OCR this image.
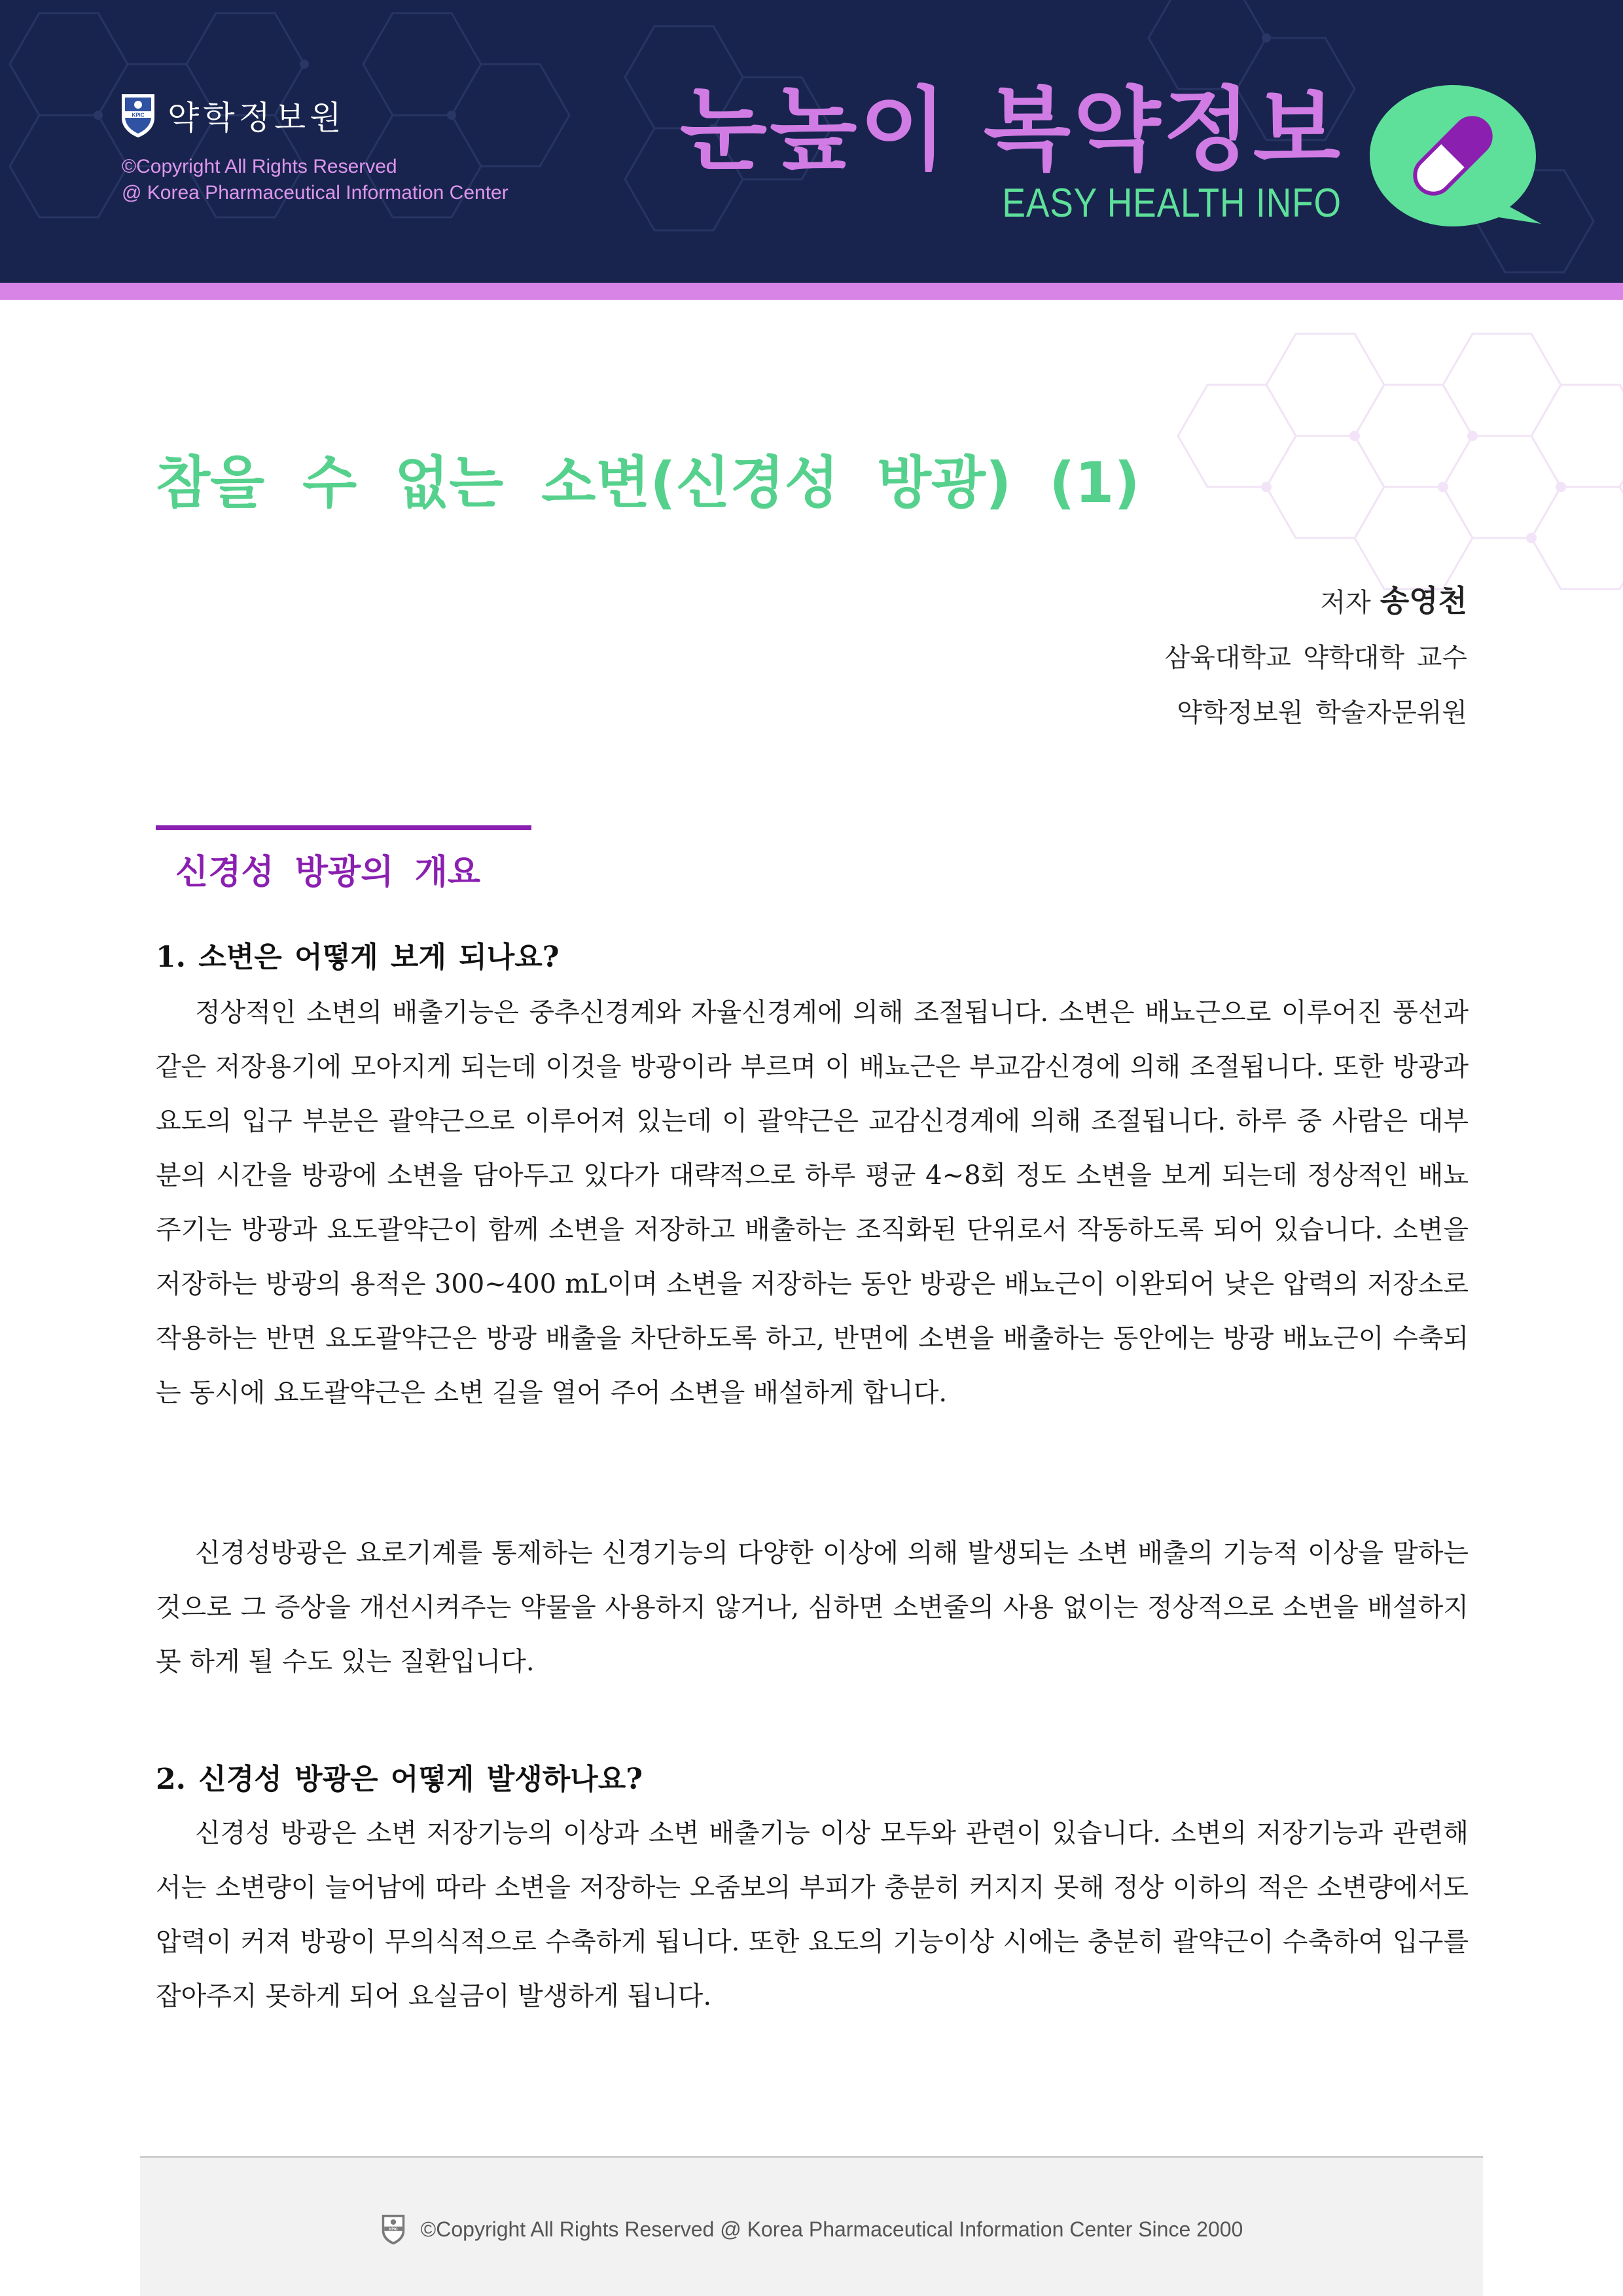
KPIC 약학정보원
©Copyright All Rights Reserved
@ Korea Pharmaceutical Information Center
눈높이 복약정보
EASY HEALTH INFO
참을 수 없는 소변(신경성 방광) (1)
저자 송영천
삼육대학교 약학대학 교수
약학정보원 학술자문위원
신경성 방광의 개요
1. 소변은 어떻게 보게 되나요?

정상적인 소변의 배출기능은 중추신경계와 자율신경계에 의해 조절됩니다. 소변은 배뇨근으로 이루어진 풍선과 같은 저장용기에 모아지게 되는데 이것을 방광이라 부르며 이 배뇨근은 부교감신경에 의해 조절됩니다. 또한 방광과 요도의 입구 부분은 괄약근으로 이루어져 있는데 이 괄약근은 교감신경계에 의해 조절됩니다. 하루 중 사람은 대부분의 시간을 방광에 소변을 담아두고 있다가 대략적으로 하루 평균 4~8회 정도 소변을 보게 되는데 정상적인 배뇨주기는 방광과 요도괄약근이 함께 소변을 저장하고 배출하는 조직화된 단위로서 작동하도록 되어 있습니다. 소변을 저장하는 방광의 용적은 300~400 mL이며 소변을 저장하는 동안 방광은 배뇨근이 이완되어 낮은 압력의 저장소로 작용하는 반면 요도괄약근은 방광 배출을 차단하도록 하고, 반면에 소변을 배출하는 동안에는 방광 배뇨근이 수축되는 동시에 요도괄약근은 소변 길을 열어 주어 소변을 배설하게 합니다.

신경성방광은 요로기계를 통제하는 신경기능의 다양한 이상에 의해 발생되는 소변 배출의 기능적 이상을 말하는 것으로 그 증상을 개선시켜주는 약물을 사용하지 않거나, 심하면 소변줄의 사용 없이는 정상적으로 소변을 배설하지 못 하게 될 수도 있는 질환입니다.

2. 신경성 방광은 어떻게 발생하나요?

신경성 방광은 소변 저장기능의 이상과 소변 배출기능 이상 모두와 관련이 있습니다. 소변의 저장기능과 관련해서는 소변량이 늘어남에 따라 소변을 저장하는 오줌보의 부피가 충분히 커지지 못해 정상 이하의 적은 소변량에서도 압력이 커져 방광이 무의식적으로 수축하게 됩니다. 또한 요도의 기능이상 시에는 충분히 괄약근이 수축하여 입구를 잡아주지 못하게 되어 요실금이 발생하게 됩니다.

KPIC ©Copyright All Rights Reserved @ Korea Pharmaceutical Information Center Since 2000
